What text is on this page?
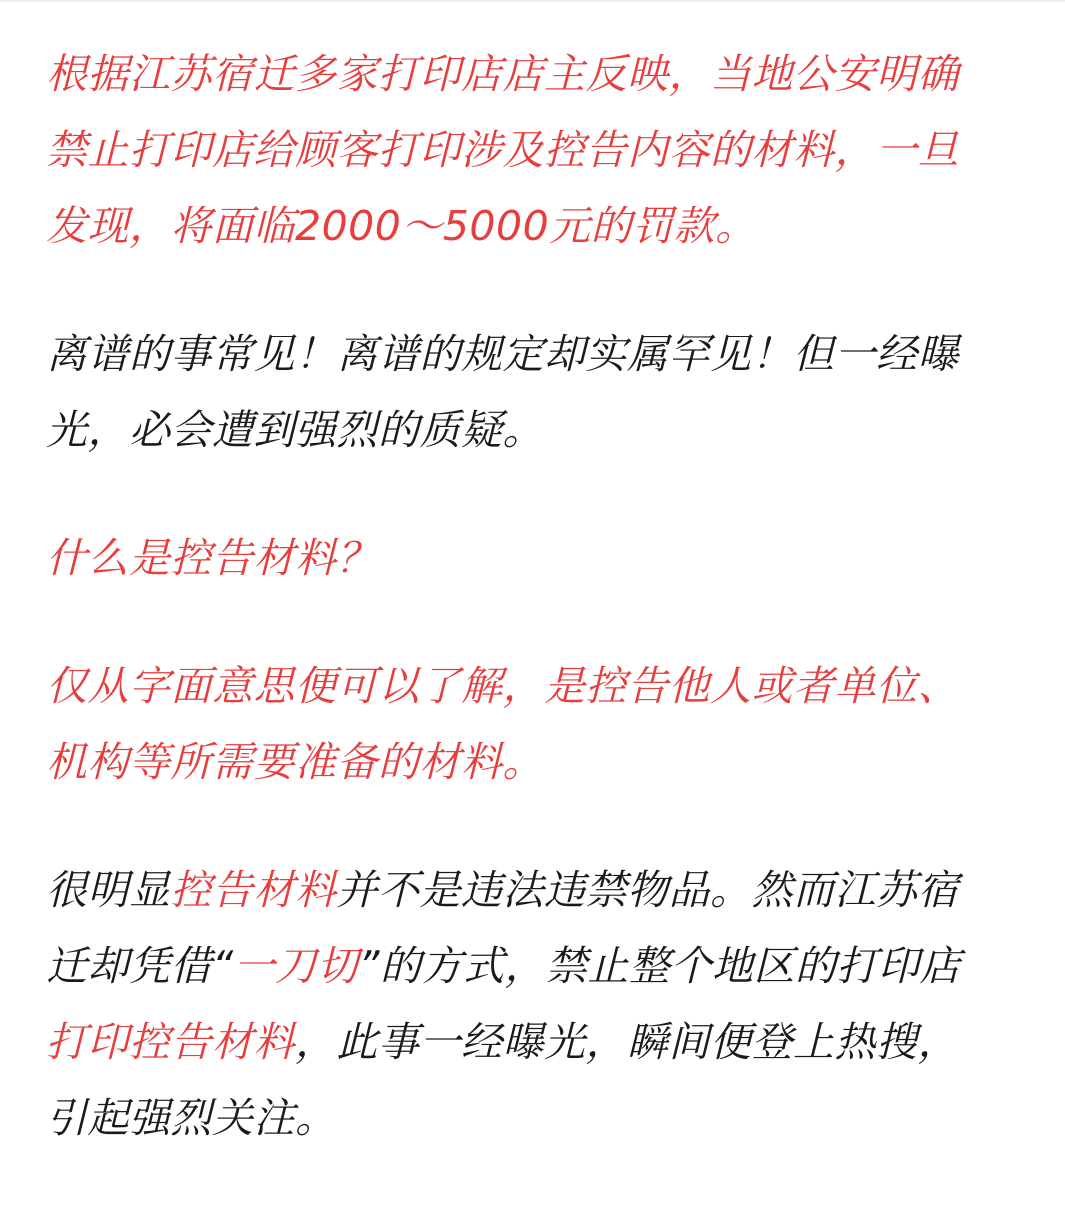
根据江苏宿迁多家打印店店主反映，当地公安明确
禁止打印店给顾客打印涉及控告内容的材料，一旦
发现，将面临2000～5000元的罚款。

离谱的事常见！离谱的规定却实属罕见！但一经曝
光，必会遭到强烈的质疑。

什么是控告材料？

仅从字面意思便可以了解，是控告他人或者单位、
机构等所需要准备的材料。

很明显控告材料并不是违法违禁物品。然而江苏宿
迁却凭借“一刀切”的方式，禁止整个地区的打印店
打印控告材料，此事一经曝光，瞬间便登上热搜，
引起强烈关注。
